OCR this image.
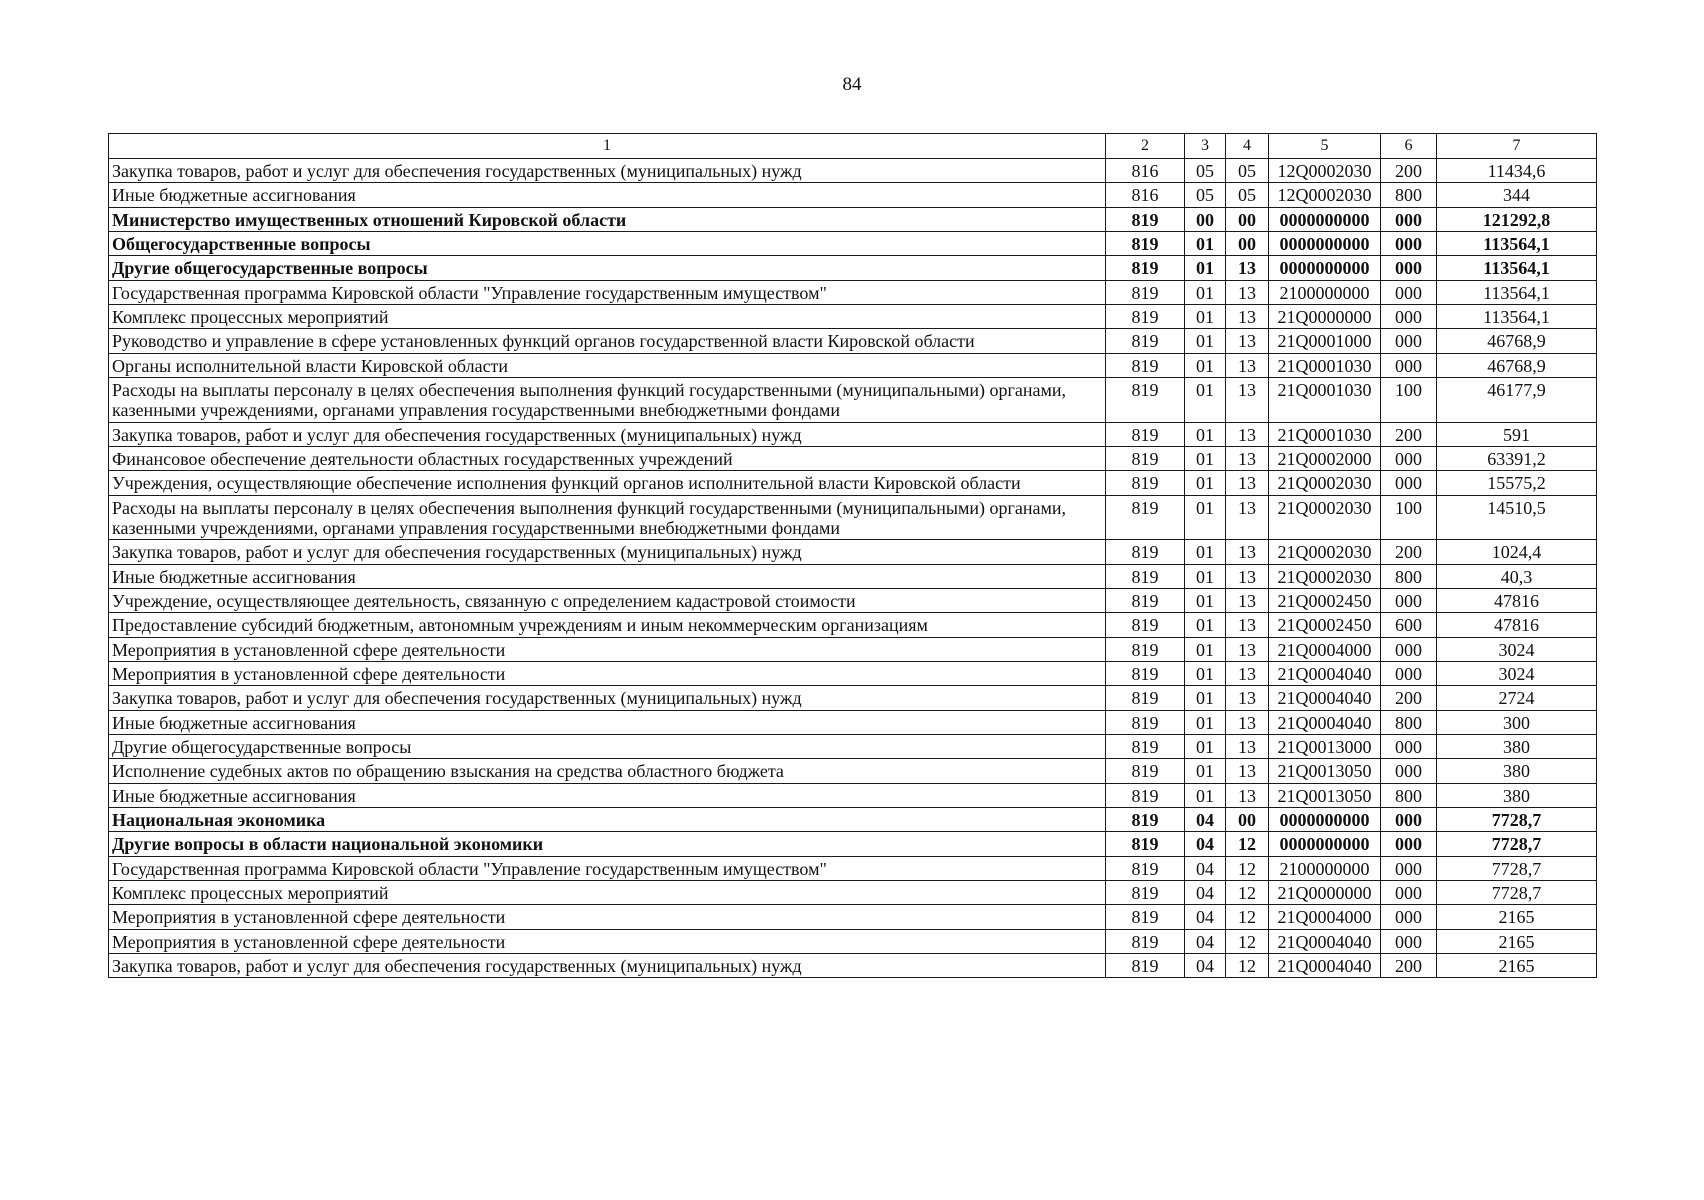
84
1	2	3	4	5	6	7
Закупка товаров, работ и услуг для обеспечения государственных (муниципальных) нужд	816	05	05	12Q0002030	200	11434,6
Иные бюджетные ассигнования	816	05	05	12Q0002030	800	344
Министерство имущественных отношений Кировской области	819	00	00	0000000000	000	121292,8
Общегосударственные вопросы	819	01	00	0000000000	000	113564,1
Другие общегосударственные вопросы	819	01	13	0000000000	000	113564,1
Государственная программа Кировской области "Управление государственным имуществом"	819	01	13	2100000000	000	113564,1
Комплекс процессных мероприятий	819	01	13	21Q0000000	000	113564,1
Руководство и управление в сфере установленных функций органов государственной власти Кировской области	819	01	13	21Q0001000	000	46768,9
Органы исполнительной власти Кировской области	819	01	13	21Q0001030	000	46768,9
Расходы на выплаты персоналу в целях обеспечения выполнения функций государственными (муниципальными) органами, казенными учреждениями, органами управления государственными внебюджетными фондами	819	01	13	21Q0001030	100	46177,9
Закупка товаров, работ и услуг для обеспечения государственных (муниципальных) нужд	819	01	13	21Q0001030	200	591
Финансовое обеспечение деятельности областных государственных учреждений	819	01	13	21Q0002000	000	63391,2
Учреждения, осуществляющие обеспечение исполнения функций органов исполнительной власти Кировской области	819	01	13	21Q0002030	000	15575,2
Расходы на выплаты персоналу в целях обеспечения выполнения функций государственными (муниципальными) органами, казенными учреждениями, органами управления государственными внебюджетными фондами	819	01	13	21Q0002030	100	14510,5
Закупка товаров, работ и услуг для обеспечения государственных (муниципальных) нужд	819	01	13	21Q0002030	200	1024,4
Иные бюджетные ассигнования	819	01	13	21Q0002030	800	40,3
Учреждение, осуществляющее деятельность, связанную с определением кадастровой стоимости	819	01	13	21Q0002450	000	47816
Предоставление субсидий бюджетным, автономным учреждениям и иным некоммерческим организациям	819	01	13	21Q0002450	600	47816
Мероприятия в установленной сфере деятельности	819	01	13	21Q0004000	000	3024
Мероприятия в установленной сфере деятельности	819	01	13	21Q0004040	000	3024
Закупка товаров, работ и услуг для обеспечения государственных (муниципальных) нужд	819	01	13	21Q0004040	200	2724
Иные бюджетные ассигнования	819	01	13	21Q0004040	800	300
Другие общегосударственные вопросы	819	01	13	21Q0013000	000	380
Исполнение судебных актов по обращению взыскания на средства областного бюджета	819	01	13	21Q0013050	000	380
Иные бюджетные ассигнования	819	01	13	21Q0013050	800	380
Национальная экономика	819	04	00	0000000000	000	7728,7
Другие вопросы в области национальной экономики	819	04	12	0000000000	000	7728,7
Государственная программа Кировской области "Управление государственным имуществом"	819	04	12	2100000000	000	7728,7
Комплекс процессных мероприятий	819	04	12	21Q0000000	000	7728,7
Мероприятия в установленной сфере деятельности	819	04	12	21Q0004000	000	2165
Мероприятия в установленной сфере деятельности	819	04	12	21Q0004040	000	2165
Закупка товаров, работ и услуг для обеспечения государственных (муниципальных) нужд	819	04	12	21Q0004040	200	2165
